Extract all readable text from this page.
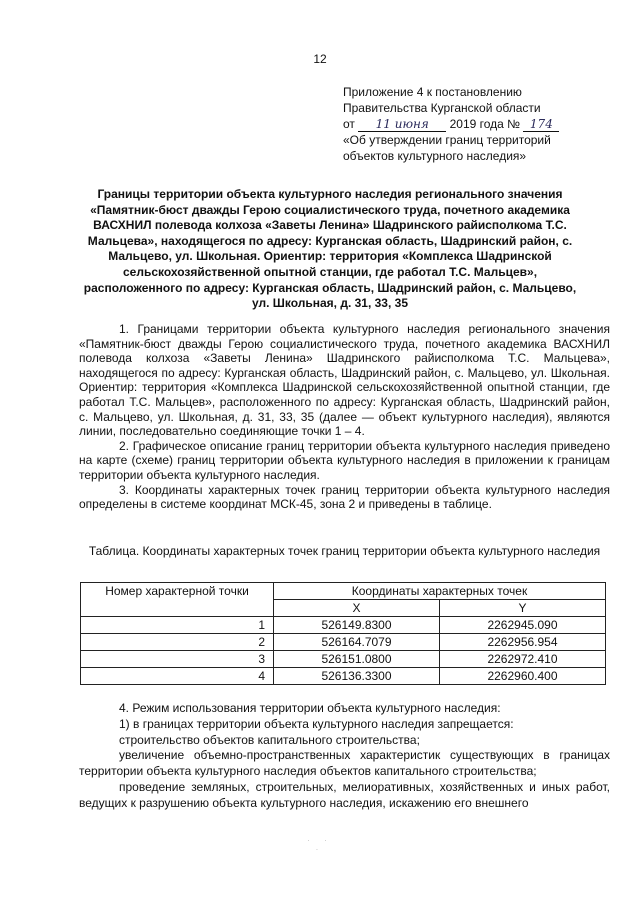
12
Приложение 4 к постановлению
Правительства Курганской области
от 11 июня 2019 года № 174
«Об утверждении границ территорий
объектов культурного наследия»
Границы территории объекта культурного наследия регионального значения «Памятник-бюст дважды Герою социалистического труда, почетного академика ВАСХНИЛ полевода колхоза «Заветы Ленина» Шадринского райисполкома Т.С. Мальцева», находящегося по адресу: Курганская область, Шадринский район, с. Мальцево, ул. Школьная. Ориентир: территория «Комплекса Шадринской сельскохозяйственной опытной станции, где работал Т.С. Мальцев», расположенного по адресу: Курганская область, Шадринский район, с. Мальцево, ул. Школьная, д. 31, 33, 35

1. Границами территории объекта культурного наследия регионального значения «Памятник-бюст дважды Герою социалистического труда, почетного академика ВАСХНИЛ полевода колхоза «Заветы Ленина» Шадринского райисполкома Т.С. Мальцева», находящегося по адресу: Курганская область, Шадринский район, с. Мальцево, ул. Школьная. Ориентир: территория «Комплекса Шадринской сельскохозяйственной опытной станции, где работал Т.С. Мальцев», расположенного по адресу: Курганская область, Шадринский район, с. Мальцево, ул. Школьная, д. 31, 33, 35 (далее — объект культурного наследия), являются линии, последовательно соединяющие точки 1 – 4.

2. Графическое описание границ территории объекта культурного наследия приведено на карте (схеме) границ территории объекта культурного наследия в приложении к границам территории объекта культурного наследия.

3. Координаты характерных точек границ территории объекта культурного наследия определены в системе координат МСК-45, зона 2 и приведены в таблице.

Таблица. Координаты характерных точек границ территории объекта культурного наследия
Номер характерной точки	Координаты характерных точек	
	X	Y
1	526149.8300	2262945.090
2	526164.7079	2262956.954
3	526151.0800	2262972.410
4	526136.3300	2262960.400

4. Режим использования территории объекта культурного наследия:

1) в границах территории объекта культурного наследия запрещается:

строительство объектов капитального строительства;

увеличение объемно-пространственных характеристик существующих в границах территории объекта культурного наследия объектов капитального строительства;

проведение земляных, строительных, мелиоративных, хозяйственных и иных работ, ведущих к разрушению объекта культурного наследия, искажению его внешнего

· · ·
